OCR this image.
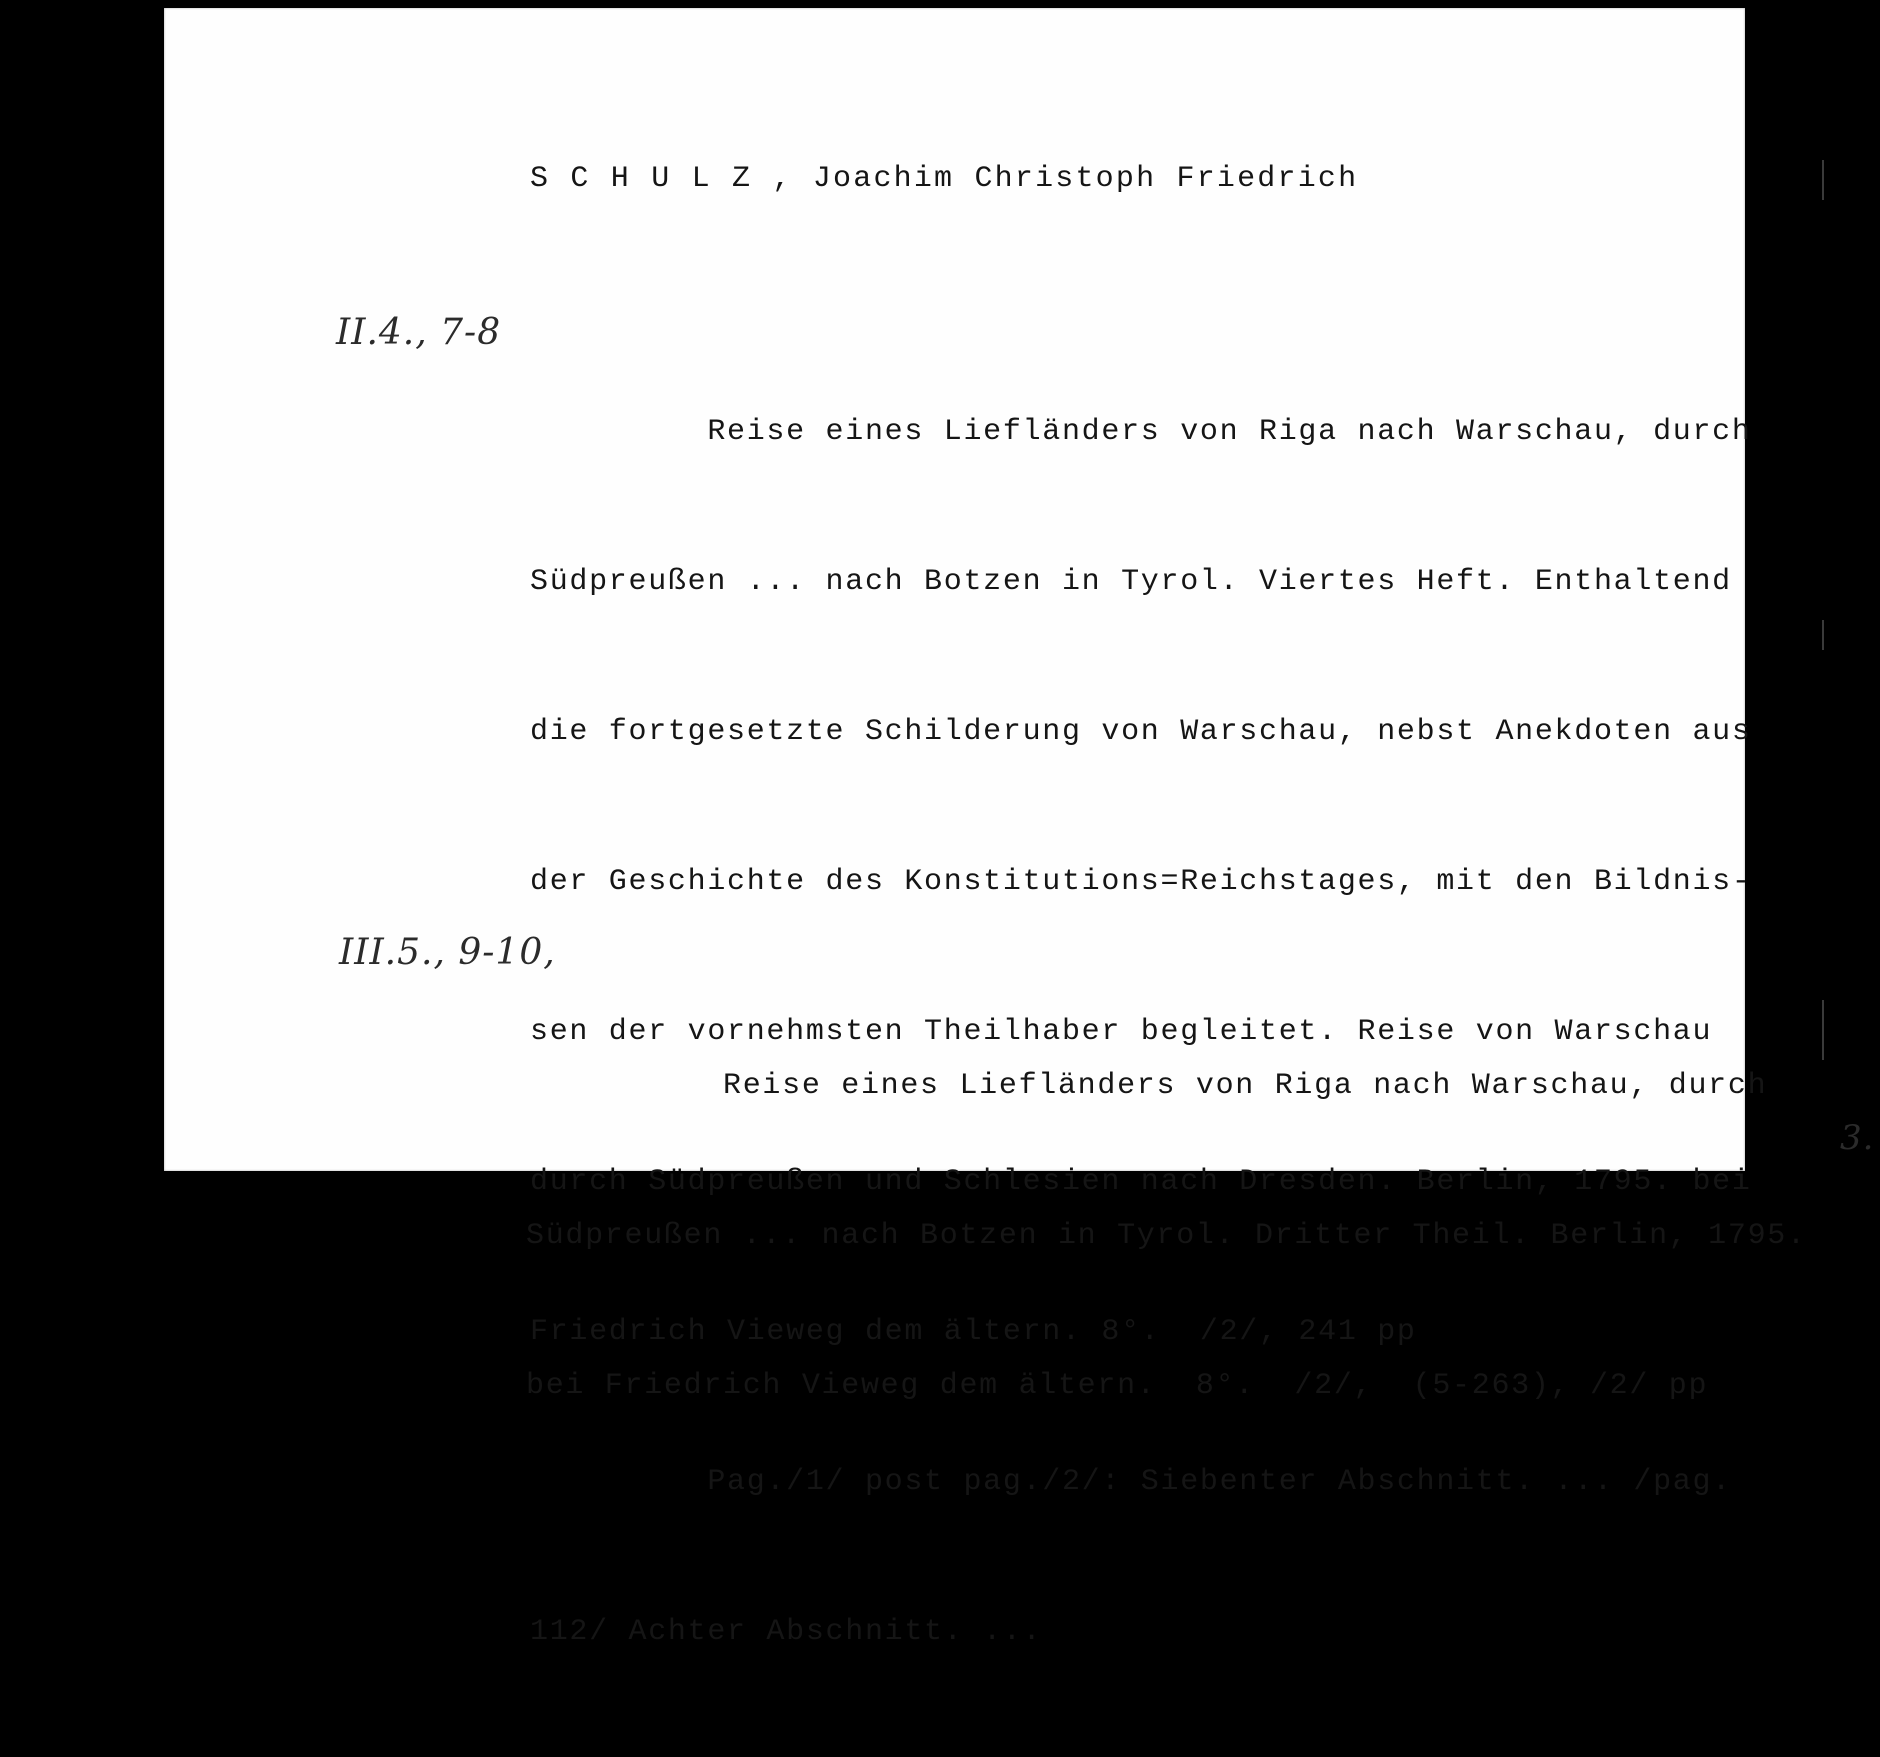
S C H U L Z , Joachim Christoph Friedrich

II.4., 7-8

Reise eines Liefländers von Riga nach Warschau, durch

Südpreußen ... nach Botzen in Tyrol. Viertes Heft. Enthaltend

die fortgesetzte Schilderung von Warschau, nebst Anekdoten aus

der Geschichte des Konstitutions=Reichstages, mit den Bildnis-

sen der vornehmsten Theilhaber begleitet. Reise von Warschau

durch Südpreußen und Schlesien nach Dresden. Berlin, 1795. bei

Friedrich Vieweg dem ältern. 8°.  /2/, 241 pp

Pag./1/ post pag./2/: Siebenter Abschnitt. ... /pag.

112/ Achter Abschnitt. ...

III.5., 9-10,

Reise eines Liefländers von Riga nach Warschau, durch

Südpreußen ... nach Botzen in Tyrol. Dritter Theil. Berlin, 1795.

bei Friedrich Vieweg dem ältern.  8°.  /2/,  (5-263), /2/ pp

3.
